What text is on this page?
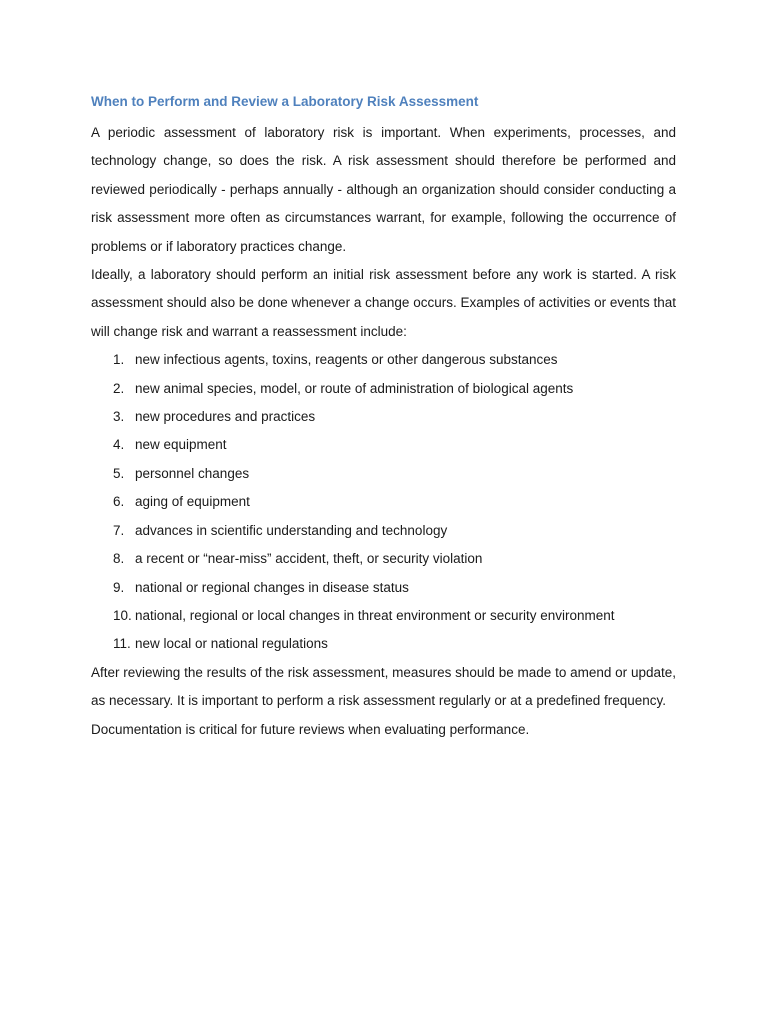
When to Perform and Review a Laboratory Risk Assessment

A periodic assessment of laboratory risk is important. When experiments, processes, and technology change, so does the risk. A risk assessment should therefore be performed and reviewed periodically - perhaps annually - although an organization should consider conducting a risk assessment more often as circumstances warrant, for example, following the occurrence of problems or if laboratory practices change.

Ideally, a laboratory should perform an initial risk assessment before any work is started. A risk assessment should also be done whenever a change occurs. Examples of activities or events that will change risk and warrant a reassessment include:

1. new infectious agents, toxins, reagents or other dangerous substances
2. new animal species, model, or route of administration of biological agents
3. new procedures and practices
4. new equipment
5. personnel changes
6. aging of equipment
7. advances in scientific understanding and technology
8. a recent or “near-miss” accident, theft, or security violation
9. national or regional changes in disease status
10. national, regional or local changes in threat environment or security environment
11. new local or national regulations

After reviewing the results of the risk assessment, measures should be made to amend or update, as necessary. It is important to perform a risk assessment regularly or at a predefined frequency.

Documentation is critical for future reviews when evaluating performance.
